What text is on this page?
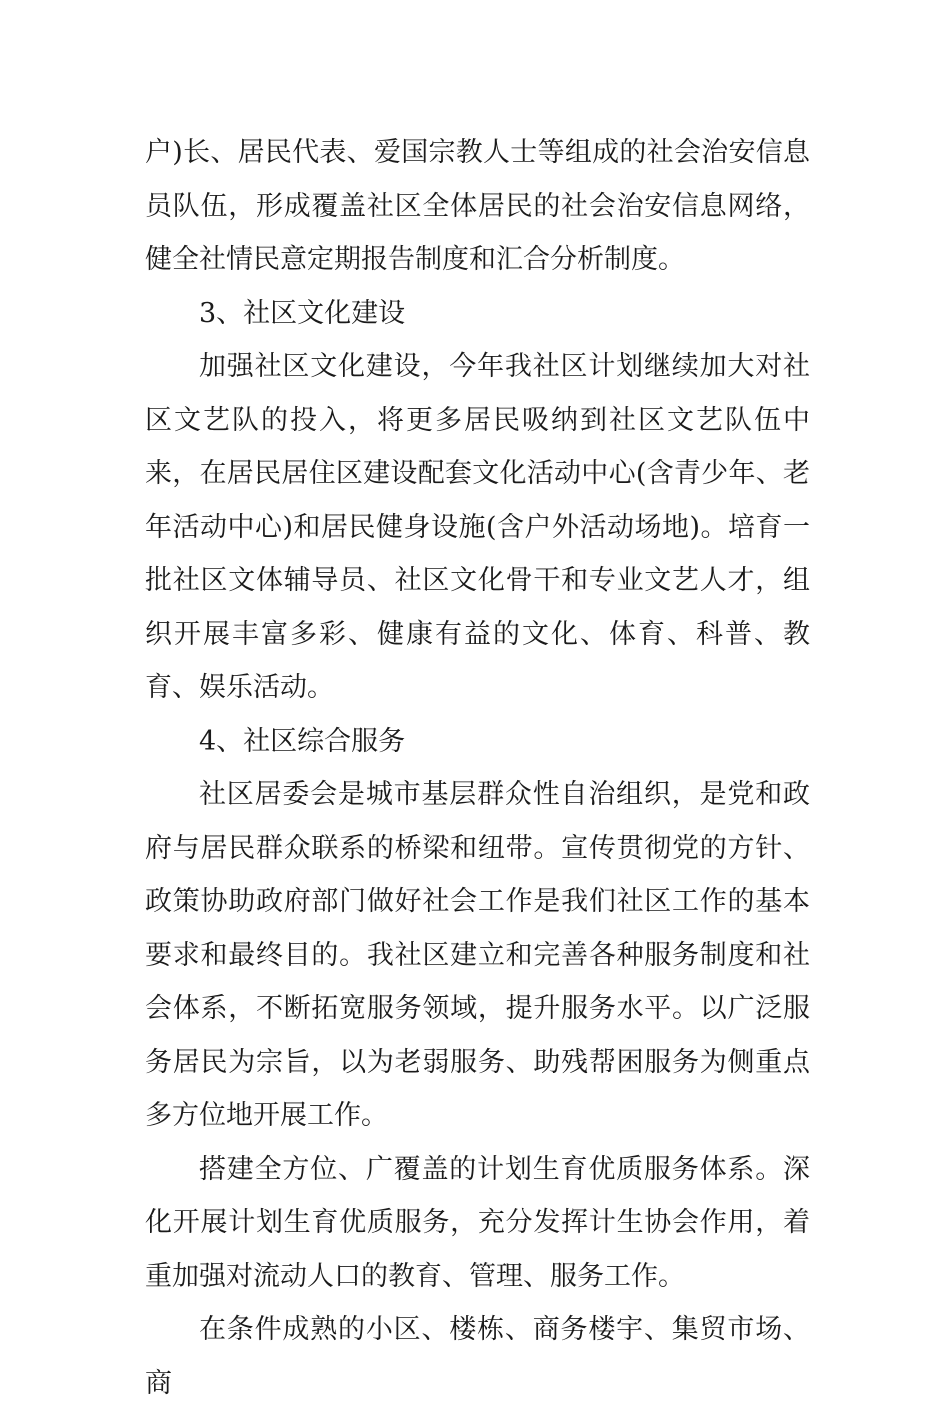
户)长、居民代表、爱国宗教人士等组成的社会治安信息员队伍，形成覆盖社区全体居民的社会治安信息网络，健全社情民意定期报告制度和汇合分析制度。

3、社区文化建设

加强社区文化建设，今年我社区计划继续加大对社区文艺队的投入，将更多居民吸纳到社区文艺队伍中来，在居民居住区建设配套文化活动中心(含青少年、老年活动中心)和居民健身设施(含户外活动场地)。培育一批社区文体辅导员、社区文化骨干和专业文艺人才，组织开展丰富多彩、健康有益的文化、体育、科普、教育、娱乐活动。

4、社区综合服务

社区居委会是城市基层群众性自治组织，是党和政府与居民群众联系的桥梁和纽带。宣传贯彻党的方针、政策协助政府部门做好社会工作是我们社区工作的基本要求和最终目的。我社区建立和完善各种服务制度和社会体系，不断拓宽服务领域，提升服务水平。以广泛服务居民为宗旨，以为老弱服务、助残帮困服务为侧重点多方位地开展工作。

搭建全方位、广覆盖的计划生育优质服务体系。深化开展计划生育优质服务，充分发挥计生协会作用，着重加强对流动人口的教育、管理、服务工作。

在条件成熟的小区、楼栋、商务楼宇、集贸市场、商
